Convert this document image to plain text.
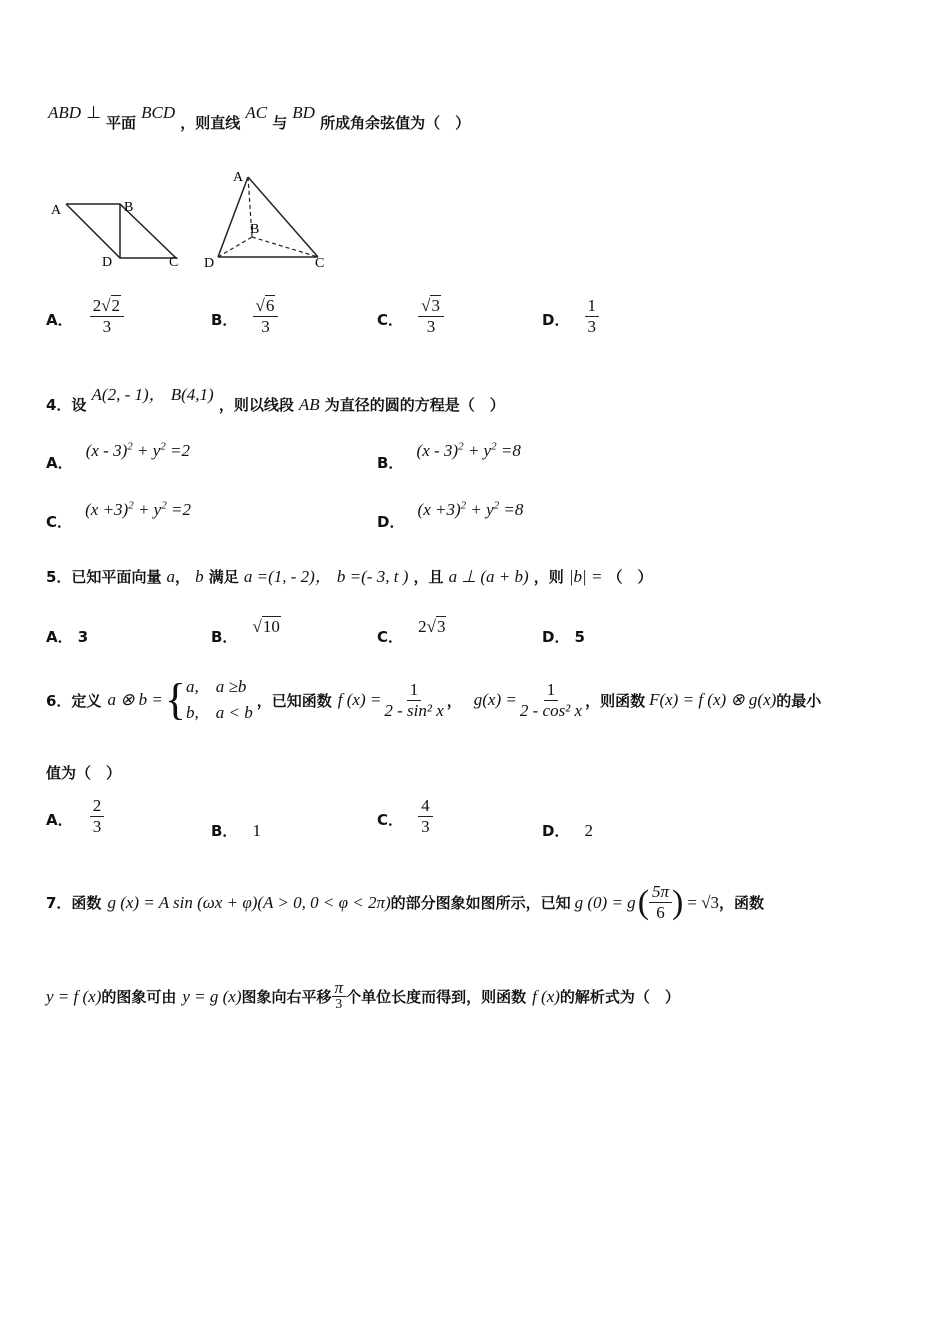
ABD ⊥ 平面 BCD ，则直线 AC 与 BD 所成角余弦值为（　）
A	B
C
D
A
B
C
D
A． $\frac{2√2}{3}$	B． $\frac{√6}{3}$	C． $\frac{√3}{3}$	D． $\frac{1}{3}$
4．设 A(2, - 1)， B(4,1) ，则以线段 AB 为直径的圆的方程是（　）
A． $(x - 3)^2 + y^2 =2$
B． $(x - 3)^2 + y^2 =8$
C． $(x +3)^2 + y^2 =2$
D． $(x +3)^2 + y^2 =8$
5．已知平面向量 a， b 满足 a =(1, - 2)， b =(- 3, t ) ，且 a ⊥ (a + b) ，则 |b| = （　）
A． 3	B． √10
C． 2√3
D． 5
6．定义 a ⊗ b = { a,　a ≥b
b,　a < b
，已知函数 f $(x) = \frac{1}{\text{2 - sin² x}}$ ， $g(x) = \frac{1}{\text{2 - cos² x}}$ ，则函数 F(x) = f (x) ⊗ g(x) 的最小
值为（　）
A． $\frac{2}{3}$	B． 1
C． $\frac{4}{3}$	D． 2
7．函数 g (x) = A sin (ωx + φ)(A > 0, 0 < φ < 2π) 的部分图象如图所示，已知 g (0) = g ( $\frac{5\pi}{6}$ ) = √3 ，函数
y = f (x) 的图象可由 y = g (x) 图象向右平移 $\frac{\pi}{3}$ 个单位长度而得到，则函数 f (x) 的解析式为（　）
